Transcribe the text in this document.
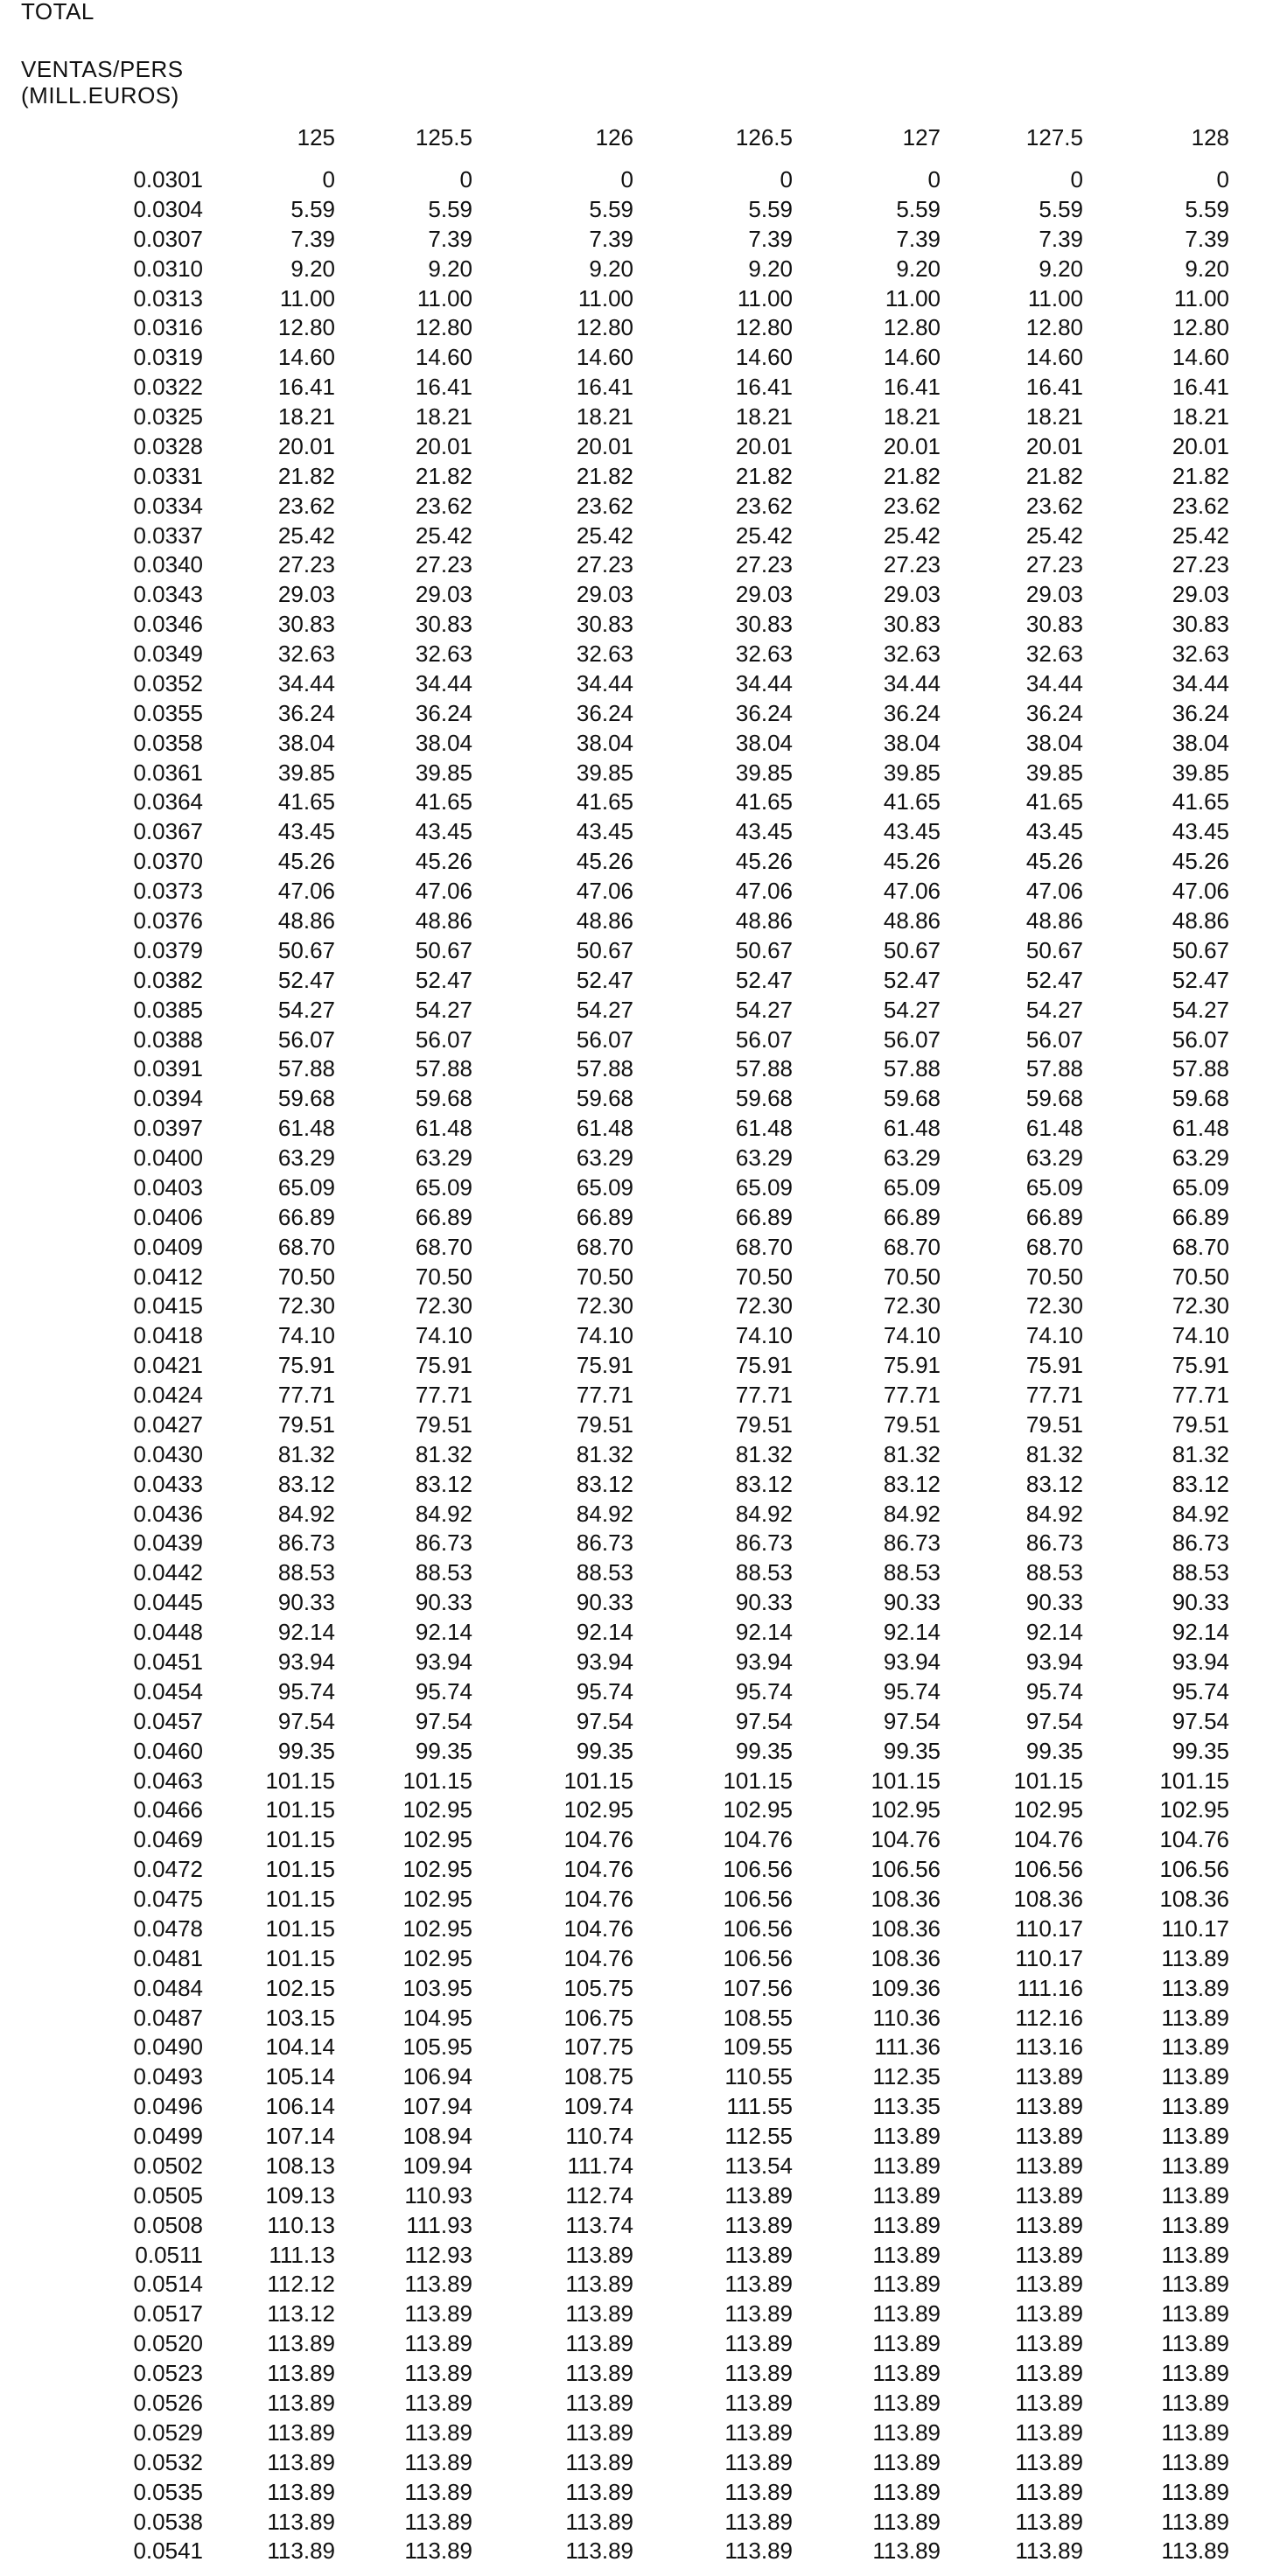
TOTAL
VENTAS/PERS
(MILL.EUROS)
125	125.5	126	126.5	127	127.5	128
0.0301	0	0	0	0	0	0	0
0.0304	5.59	5.59	5.59	5.59	5.59	5.59	5.59
0.0307	7.39	7.39	7.39	7.39	7.39	7.39	7.39
0.0310	9.20	9.20	9.20	9.20	9.20	9.20	9.20
0.0313	11.00	11.00	11.00	11.00	11.00	11.00	11.00
0.0316	12.80	12.80	12.80	12.80	12.80	12.80	12.80
0.0319	14.60	14.60	14.60	14.60	14.60	14.60	14.60
0.0322	16.41	16.41	16.41	16.41	16.41	16.41	16.41
0.0325	18.21	18.21	18.21	18.21	18.21	18.21	18.21
0.0328	20.01	20.01	20.01	20.01	20.01	20.01	20.01
0.0331	21.82	21.82	21.82	21.82	21.82	21.82	21.82
0.0334	23.62	23.62	23.62	23.62	23.62	23.62	23.62
0.0337	25.42	25.42	25.42	25.42	25.42	25.42	25.42
0.0340	27.23	27.23	27.23	27.23	27.23	27.23	27.23
0.0343	29.03	29.03	29.03	29.03	29.03	29.03	29.03
0.0346	30.83	30.83	30.83	30.83	30.83	30.83	30.83
0.0349	32.63	32.63	32.63	32.63	32.63	32.63	32.63
0.0352	34.44	34.44	34.44	34.44	34.44	34.44	34.44
0.0355	36.24	36.24	36.24	36.24	36.24	36.24	36.24
0.0358	38.04	38.04	38.04	38.04	38.04	38.04	38.04
0.0361	39.85	39.85	39.85	39.85	39.85	39.85	39.85
0.0364	41.65	41.65	41.65	41.65	41.65	41.65	41.65
0.0367	43.45	43.45	43.45	43.45	43.45	43.45	43.45
0.0370	45.26	45.26	45.26	45.26	45.26	45.26	45.26
0.0373	47.06	47.06	47.06	47.06	47.06	47.06	47.06
0.0376	48.86	48.86	48.86	48.86	48.86	48.86	48.86
0.0379	50.67	50.67	50.67	50.67	50.67	50.67	50.67
0.0382	52.47	52.47	52.47	52.47	52.47	52.47	52.47
0.0385	54.27	54.27	54.27	54.27	54.27	54.27	54.27
0.0388	56.07	56.07	56.07	56.07	56.07	56.07	56.07
0.0391	57.88	57.88	57.88	57.88	57.88	57.88	57.88
0.0394	59.68	59.68	59.68	59.68	59.68	59.68	59.68
0.0397	61.48	61.48	61.48	61.48	61.48	61.48	61.48
0.0400	63.29	63.29	63.29	63.29	63.29	63.29	63.29
0.0403	65.09	65.09	65.09	65.09	65.09	65.09	65.09
0.0406	66.89	66.89	66.89	66.89	66.89	66.89	66.89
0.0409	68.70	68.70	68.70	68.70	68.70	68.70	68.70
0.0412	70.50	70.50	70.50	70.50	70.50	70.50	70.50
0.0415	72.30	72.30	72.30	72.30	72.30	72.30	72.30
0.0418	74.10	74.10	74.10	74.10	74.10	74.10	74.10
0.0421	75.91	75.91	75.91	75.91	75.91	75.91	75.91
0.0424	77.71	77.71	77.71	77.71	77.71	77.71	77.71
0.0427	79.51	79.51	79.51	79.51	79.51	79.51	79.51
0.0430	81.32	81.32	81.32	81.32	81.32	81.32	81.32
0.0433	83.12	83.12	83.12	83.12	83.12	83.12	83.12
0.0436	84.92	84.92	84.92	84.92	84.92	84.92	84.92
0.0439	86.73	86.73	86.73	86.73	86.73	86.73	86.73
0.0442	88.53	88.53	88.53	88.53	88.53	88.53	88.53
0.0445	90.33	90.33	90.33	90.33	90.33	90.33	90.33
0.0448	92.14	92.14	92.14	92.14	92.14	92.14	92.14
0.0451	93.94	93.94	93.94	93.94	93.94	93.94	93.94
0.0454	95.74	95.74	95.74	95.74	95.74	95.74	95.74
0.0457	97.54	97.54	97.54	97.54	97.54	97.54	97.54
0.0460	99.35	99.35	99.35	99.35	99.35	99.35	99.35
0.0463	101.15	101.15	101.15	101.15	101.15	101.15	101.15
0.0466	101.15	102.95	102.95	102.95	102.95	102.95	102.95
0.0469	101.15	102.95	104.76	104.76	104.76	104.76	104.76
0.0472	101.15	102.95	104.76	106.56	106.56	106.56	106.56
0.0475	101.15	102.95	104.76	106.56	108.36	108.36	108.36
0.0478	101.15	102.95	104.76	106.56	108.36	110.17	110.17
0.0481	101.15	102.95	104.76	106.56	108.36	110.17	113.89
0.0484	102.15	103.95	105.75	107.56	109.36	111.16	113.89
0.0487	103.15	104.95	106.75	108.55	110.36	112.16	113.89
0.0490	104.14	105.95	107.75	109.55	111.36	113.16	113.89
0.0493	105.14	106.94	108.75	110.55	112.35	113.89	113.89
0.0496	106.14	107.94	109.74	111.55	113.35	113.89	113.89
0.0499	107.14	108.94	110.74	112.55	113.89	113.89	113.89
0.0502	108.13	109.94	111.74	113.54	113.89	113.89	113.89
0.0505	109.13	110.93	112.74	113.89	113.89	113.89	113.89
0.0508	110.13	111.93	113.74	113.89	113.89	113.89	113.89
0.0511	111.13	112.93	113.89	113.89	113.89	113.89	113.89
0.0514	112.12	113.89	113.89	113.89	113.89	113.89	113.89
0.0517	113.12	113.89	113.89	113.89	113.89	113.89	113.89
0.0520	113.89	113.89	113.89	113.89	113.89	113.89	113.89
0.0523	113.89	113.89	113.89	113.89	113.89	113.89	113.89
0.0526	113.89	113.89	113.89	113.89	113.89	113.89	113.89
0.0529	113.89	113.89	113.89	113.89	113.89	113.89	113.89
0.0532	113.89	113.89	113.89	113.89	113.89	113.89	113.89
0.0535	113.89	113.89	113.89	113.89	113.89	113.89	113.89
0.0538	113.89	113.89	113.89	113.89	113.89	113.89	113.89
0.0541	113.89	113.89	113.89	113.89	113.89	113.89	113.89
